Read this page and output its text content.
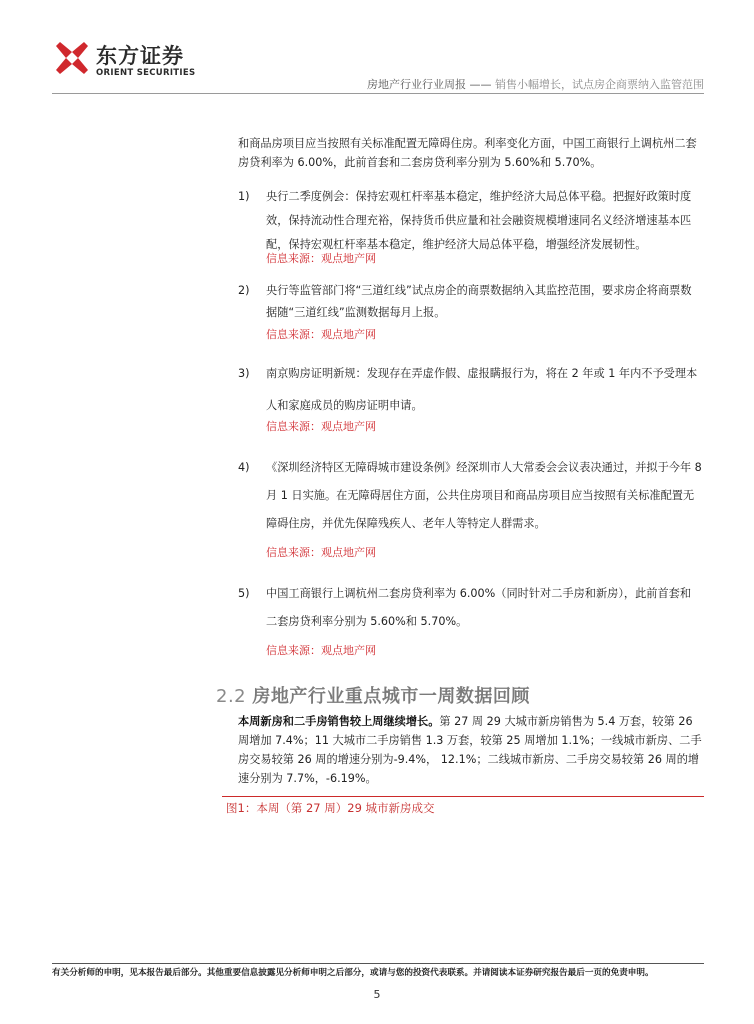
东方证券
ORIENT SECURITIES
房地产行业行业周报 —— 销售小幅增长，试点房企商票纳入监管范围
和商品房项目应当按照有关标准配置无障碍住房。利率变化方面，中国工商银行上调杭州二套房贷利率为 6.00%，此前首套和二套房贷利率分别为 5.60%和 5.70%。
1)	央行二季度例会：保持宏观杠杆率基本稳定，维护经济大局总体平稳。把握好政策时度效，保持流动性合理充裕，保持货币供应量和社会融资规模增速同名义经济增速基本匹配，保持宏观杠杆率基本稳定，维护经济大局总体平稳，增强经济发展韧性。
信息来源：观点地产网
2)	央行等监管部门将“三道红线”试点房企的商票数据纳入其监控范围，要求房企将商票数据随“三道红线”监测数据每月上报。
信息来源：观点地产网
3)	南京购房证明新规：发现存在弄虚作假、虚报瞒报行为，将在 2 年或 1 年内不予受理本人和家庭成员的购房证明申请。
信息来源：观点地产网
4)	《深圳经济特区无障碍城市建设条例》经深圳市人大常委会会议表决通过，并拟于今年 8 月 1 日实施。在无障碍居住方面，公共住房项目和商品房项目应当按照有关标准配置无障碍住房，并优先保障残疾人、老年人等特定人群需求。
信息来源：观点地产网
5)	中国工商银行上调杭州二套房贷利率为 6.00%（同时针对二手房和新房），此前首套和二套房贷利率分别为 5.60%和 5.70%。
信息来源：观点地产网
2.2 房地产行业重点城市一周数据回顾
本周新房和二手房销售较上周继续增长。第 27 周 29 大城市新房销售为 5.4 万套，较第 26 周增加 7.4%；11 大城市二手房销售 1.3 万套，较第 25 周增加 1.1%；一线城市新房、二手房交易较第 26 周的增速分别为-9.4%， 12.1%；二线城市新房、二手房交易较第 26 周的增速分别为 7.7%，-6.19%。
图1：本周（第 27 周）29 城市新房成交
有关分析师的申明，见本报告最后部分。其他重要信息披露见分析师申明之后部分，或请与您的投资代表联系。并请阅读本证券研究报告最后一页的免责申明。
5
